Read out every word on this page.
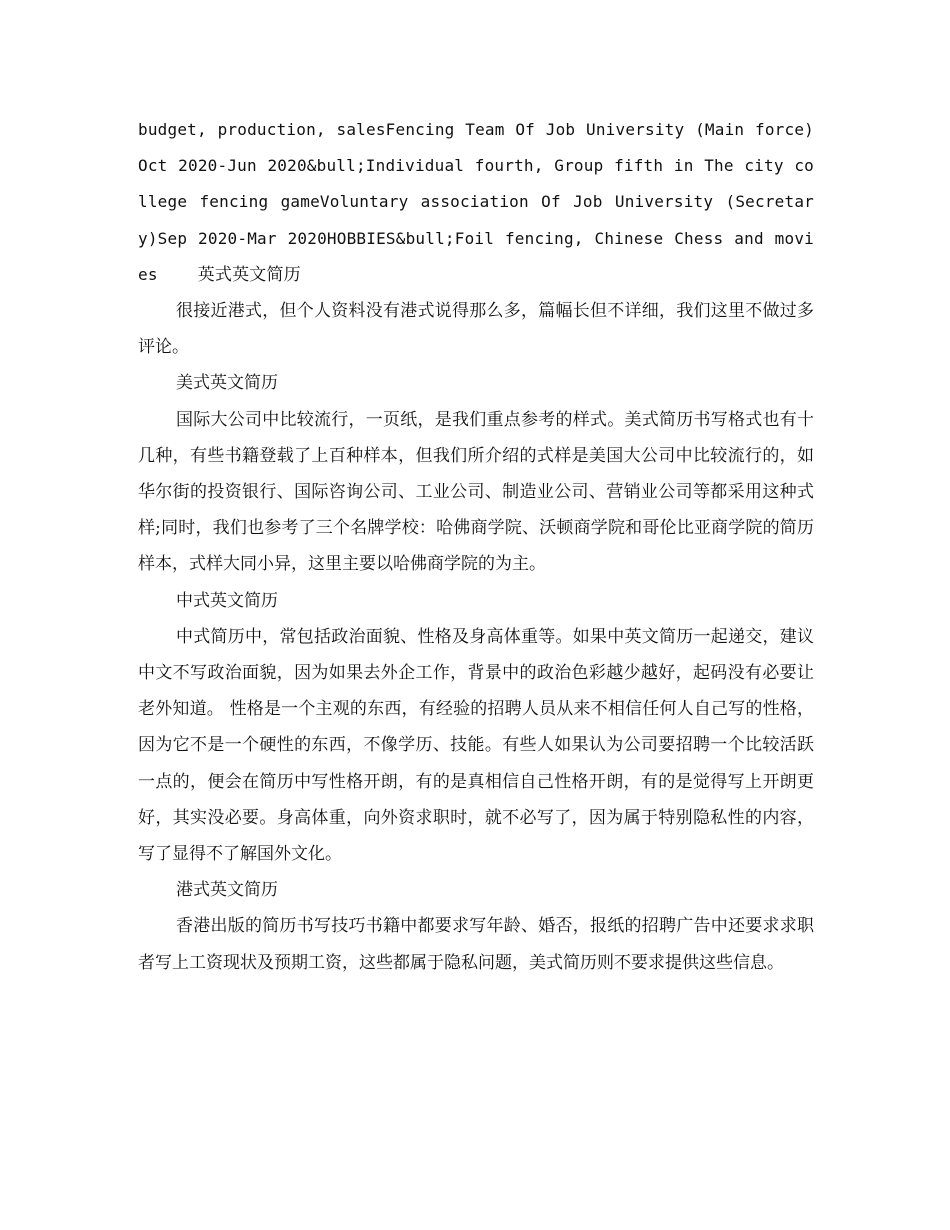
budget, production, salesFencing Team Of Job University (Main force)Oct 2020-Jun 2020&bull;Individual fourth, Group fifth in The city college fencing gameVoluntary association Of Job University (Secretary)Sep 2020-Mar 2020HOBBIES&bull;Foil fencing, Chinese Chess and movies 英式英文简历

很接近港式，但个人资料没有港式说得那么多，篇幅长但不详细，我们这里不做过多评论。

美式英文简历

国际大公司中比较流行，一页纸，是我们重点参考的样式。美式简历书写格式也有十几种，有些书籍登载了上百种样本，但我们所介绍的式样是美国大公司中比较流行的，如华尔街的投资银行、国际咨询公司、工业公司、制造业公司、营销业公司等都采用这种式样;同时，我们也参考了三个名牌学校：哈佛商学院、沃顿商学院和哥伦比亚商学院的简历样本，式样大同小异，这里主要以哈佛商学院的为主。

中式英文简历

中式简历中，常包括政治面貌、性格及身高体重等。如果中英文简历一起递交，建议中文不写政治面貌，因为如果去外企工作，背景中的政治色彩越少越好，起码没有必要让老外知道。 性格是一个主观的东西，有经验的招聘人员从来不相信任何人自己写的性格，因为它不是一个硬性的东西，不像学历、技能。有些人如果认为公司要招聘一个比较活跃一点的，便会在简历中写性格开朗，有的是真相信自己性格开朗，有的是觉得写上开朗更好，其实没必要。身高体重，向外资求职时，就不必写了，因为属于特别隐私性的内容，写了显得不了解国外文化。

港式英文简历

香港出版的简历书写技巧书籍中都要求写年龄、婚否，报纸的招聘广告中还要求求职者写上工资现状及预期工资，这些都属于隐私问题，美式简历则不要求提供这些信息。
